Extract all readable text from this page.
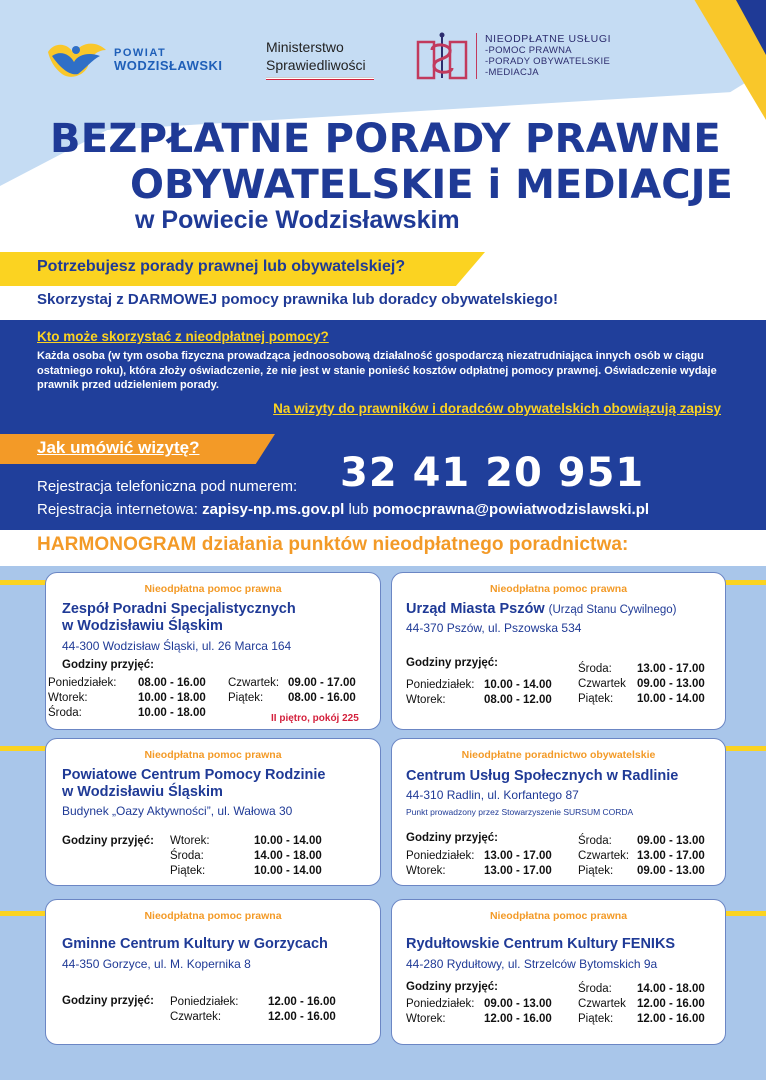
POWIAT
WODZISŁAWSKI
Ministerstwo
Sprawiedliwości
NIEODPŁATNE USŁUGI
-POMOC PRAWNA
-PORADY OBYWATELSKIE
-MEDIACJA
BEZPŁATNE PORADY PRAWNE
OBYWATELSKIE i MEDIACJE
w Powiecie Wodzisławskim
Potrzebujesz porady prawnej lub obywatelskiej?
Skorzystaj z DARMOWEJ pomocy prawnika lub doradcy obywatelskiego!
Kto może skorzystać z nieodpłatnej pomocy?
Każda osoba (w tym osoba fizyczna prowadząca jednoosobową działalność gospodarczą niezatrudniająca innych osób w ciągu ostatniego roku), która złoży oświadczenie, że nie jest w stanie ponieść kosztów odpłatnej pomocy prawnej. Oświadczenie wydaje prawnik przed udzieleniem porady.
Na wizyty do prawników i doradców obywatelskich obowiązują zapisy
Jak umówić wizytę?
Rejestracja telefoniczna pod numerem: 32 41 20 951
Rejestracja internetowa: zapisy-np.ms.gov.pl lub pomocprawna@powiatwodzislawski.pl
HARMONOGRAM działania punktów nieodpłatnego poradnictwa:
Nieodpłatna pomoc prawna
Zespół Poradni Specjalistycznych
w Wodzisławiu Śląskim
44-300 Wodzisław Śląski, ul. 26 Marca 164
Godziny przyjęć:
Poniedziałek: 08.00 - 16.00
Wtorek:	10.00 - 18.00
Środa:	10.00 - 18.00
Czwartek: 09.00 - 17.00
Piątek: 08.00 - 16.00
II piętro, pokój 225
Nieodpłatna pomoc prawna
Urząd Miasta Pszów (Urząd Stanu Cywilnego)
44-370 Pszów, ul. Pszowska 534
Godziny przyjęć:
Poniedziałek: 10.00 - 14.00
Wtorek:	08.00 - 12.00
Środa: 13.00 - 17.00
Czwartek 09.00 - 13.00
Piątek: 10.00 - 14.00
Nieodpłatna pomoc prawna
Powiatowe Centrum Pomocy Rodzinie
w Wodzisławiu Śląskim
Budynek „Oazy Aktywności”, ul. Wałowa 30
Godziny przyjęć: Wtorek:	10.00 - 14.00
Środa:	14.00 - 18.00
Piątek:	10.00 - 14.00
Nieodpłatne poradnictwo obywatelskie
Centrum Usług Społecznych w Radlinie
44-310 Radlin, ul. Korfantego 87
Punkt prowadzony przez Stowarzyszenie SURSUM CORDA
Godziny przyjęć:
Poniedziałek: 13.00 - 17.00
Wtorek:	13.00 - 17.00
Środa: 09.00 - 13.00
Czwartek: 13.00 - 17.00
Piątek: 09.00 - 13.00
Nieodpłatna pomoc prawna
Gminne Centrum Kultury w Gorzycach
44-350 Gorzyce, ul. M. Kopernika 8
Godziny przyjęć: Poniedziałek:	12.00 - 16.00
Czwartek:	12.00 - 16.00
Nieodpłatna pomoc prawna
Rydułtowskie Centrum Kultury FENIKS
44-280 Rydułtowy, ul. Strzelców Bytomskich 9a
Godziny przyjęć:
Poniedziałek: 09.00 - 13.00
Wtorek:	12.00 - 16.00
Środa: 14.00 - 18.00
Czwartek 12.00 - 16.00
Piątek: 12.00 - 16.00
